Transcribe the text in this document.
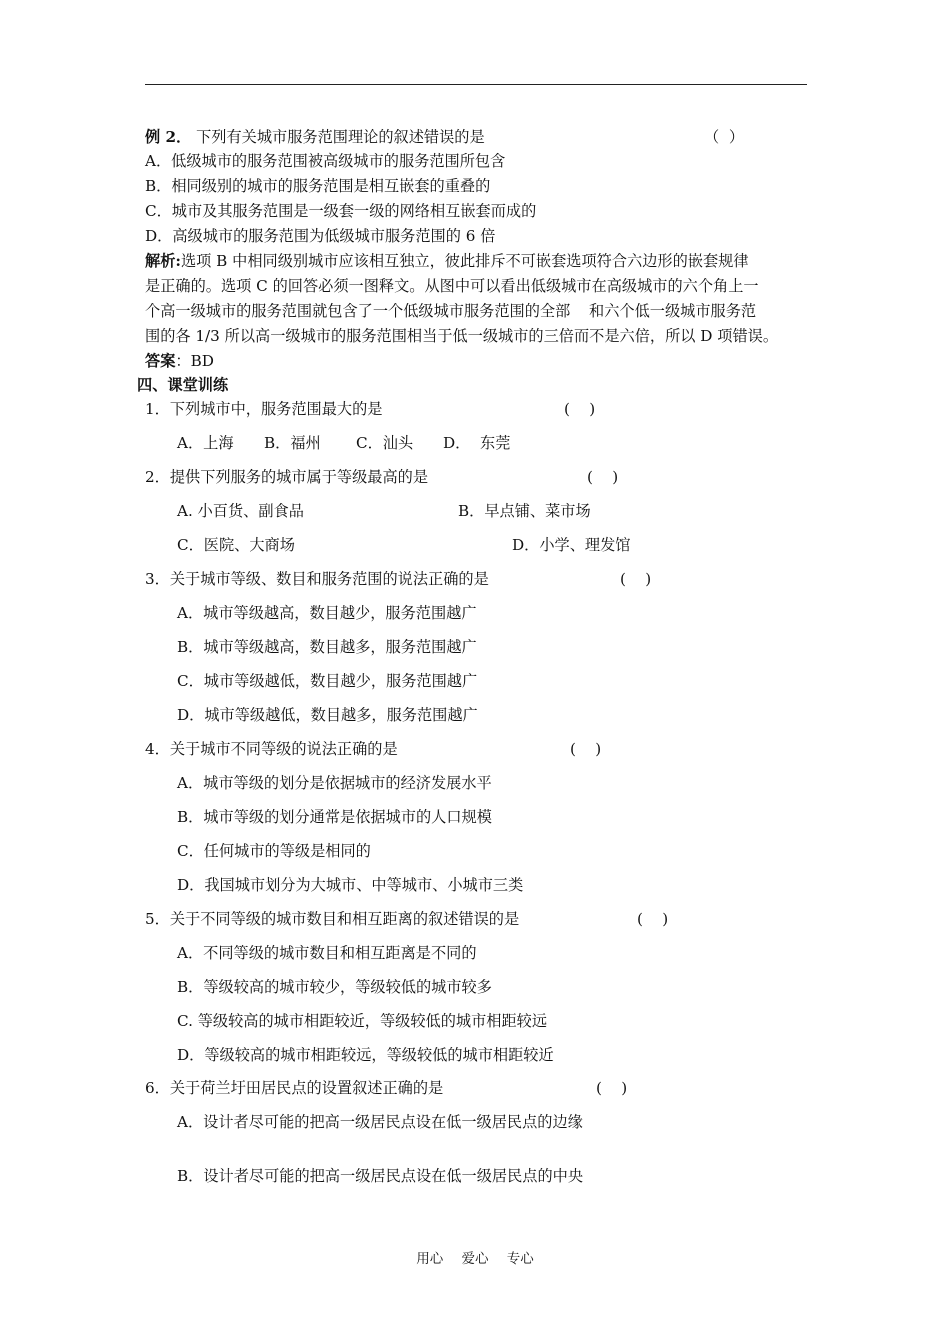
例 2． 下列有关城市服务范围理论的叙述错误的是	（  ）
A．低级城市的服务范围被高级城市的服务范围所包含
B．相同级别的城市的服务范围是相互嵌套的重叠的
C．城市及其服务范围是一级套一级的网络相互嵌套而成的
D．高级城市的服务范围为低级城市服务范围的 6 倍
解析:选项 B 中相同级别城市应该相互独立，彼此排斥不可嵌套选项符合六边形的嵌套规律
是正确的。选项 C 的回答必须一图释文。从图中可以看出低级城市在高级城市的六个角上一
个高一级城市的服务范围就包含了一个低级城市服务范围的全部 和六个低一级城市服务范
围的各 1/3 所以高一级城市的服务范围相当于低一级城市的三倍而不是六倍，所以 D 项错误。
答案：BD
四、课堂训练
1．下列城市中，服务范围最大的是	(    )
A．上海 B．福州 C．汕头 D．  东莞
2．提供下列服务的城市属于等级最高的是	(    )
A. 小百货、副食品	B．早点铺、菜市场
C．医院、大商场	D．小学、理发馆
3．关于城市等级、数目和服务范围的说法正确的是	(    )
A．城市等级越高，数目越少，服务范围越广
B．城市等级越高，数目越多，服务范围越广
C．城市等级越低，数目越少，服务范围越广
D．城市等级越低，数目越多，服务范围越广
4．关于城市不同等级的说法正确的是	(    )
A．城市等级的划分是依据城市的经济发展水平
B．城市等级的划分通常是依据城市的人口规模
C．任何城市的等级是相同的
D．我国城市划分为大城市、中等城市、小城市三类
5．关于不同等级的城市数目和相互距离的叙述错误的是	(    )
A．不同等级的城市数目和相互距离是不同的
B．等级较高的城市较少，等级较低的城市较多
C. 等级较高的城市相距较近，等级较低的城市相距较远
D．等级较高的城市相距较远，等级较低的城市相距较近
6．关于荷兰圩田居民点的设置叙述正确的是	(    )
A．设计者尽可能的把高一级居民点设在低一级居民点的边缘
B．设计者尽可能的把高一级居民点设在低一级居民点的中央
用心 爱心 专心
